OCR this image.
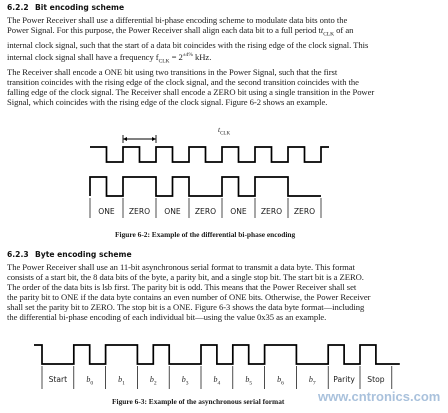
6.2.2 Bit encoding scheme
The Power Receiver shall use a differential bi-phase encoding scheme to modulate data bits onto the
Power Signal. For this purpose, the Power Receiver shall align each data bit to a full period $tt_{CLK}$ of an
internal clock signal, such that the start of a data bit coincides with the rising edge of the clock signal. This
internal clock signal shall have a frequency $f_{CLK} = 2^{\pm 4\%}$ kHz.
The Receiver shall encode a ONE bit using two transitions in the Power Signal, such that the first
transition coincides with the rising edge of the clock signal, and the second transition coincides with the
falling edge of the clock signal. The Receiver shall encode a ZERO bit using a single transition in the Power
Signal, which coincides with the rising edge of the clock signal. Figure 6-2 shows an example.
$t_{CLK}$
ONE	ZERO	ONE	ZERO	ONE	ZERO	ZERO
Figure 6-2: Example of the differential bi-phase encoding
6.2.3 Byte encoding scheme
The Power Receiver shall use an 11-bit asynchronous serial format to transmit a data byte. This format
consists of a start bit, the 8 data bits of the byte, a parity bit, and a single stop bit. The start bit is a ZERO.
The order of the data bits is lsb first. The parity bit is odd. This means that the Power Receiver shall set
the parity bit to ONE if the data byte contains an even number of ONE bits. Otherwise, the Power Receiver
shall set the parity bit to ZERO. The stop bit is a ONE. Figure 6-3 shows the data byte format—including
the differential bi-phase encoding of each individual bit—using the value 0x35 as an example.
Start	$b_0$	$b_1$	$b_2$	$b_3$	$b_4$	$b_5$	$b_6$	$b_7$	Parity	Stop
Figure 6-3: Example of the asynchronous serial format	www.cntronics.com
